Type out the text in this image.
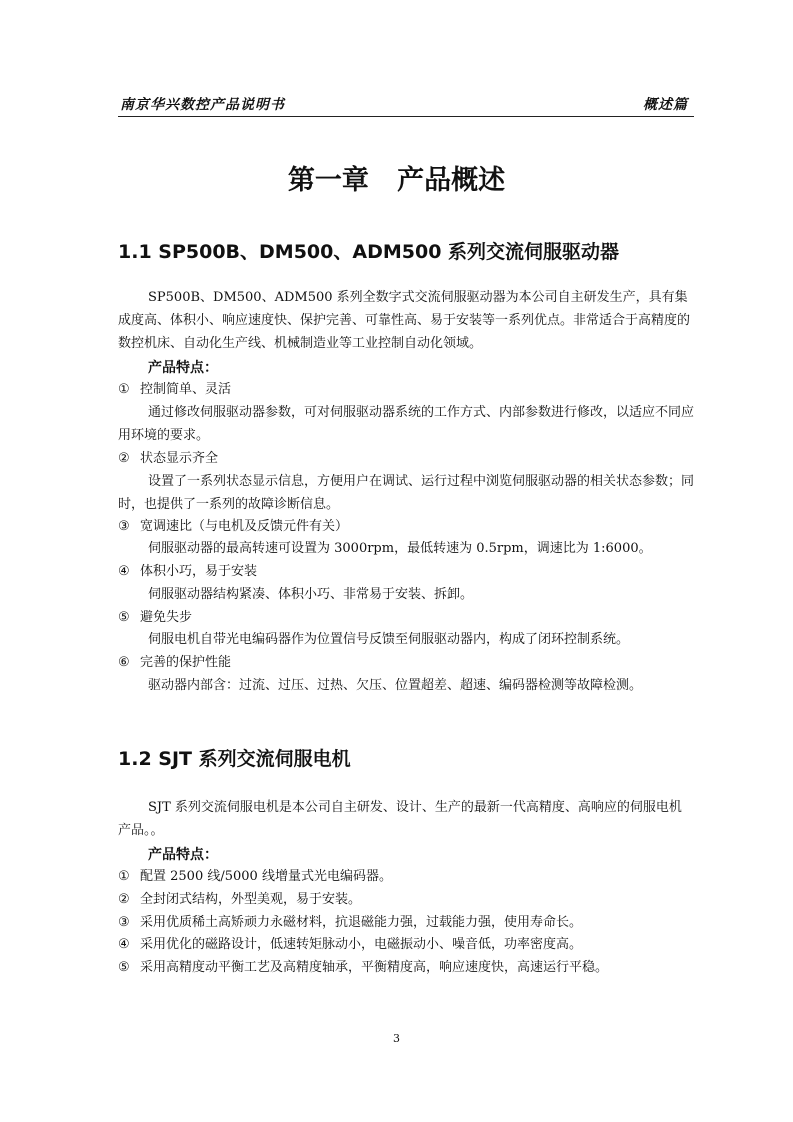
南京华兴数控产品说明书	概述篇
第一章   产品概述
1.1 SP500B、DM500、ADM500 系列交流伺服驱动器

SP500B、DM500、ADM500 系列全数字式交流伺服驱动器为本公司自主研发生产，具有集成度高、体积小、响应速度快、保护完善、可靠性高、易于安装等一系列优点。非常适合于高精度的数控机床、自动化生产线、机械制造业等工业控制自动化领域。

产品特点：
① 控制简单、灵活

通过修改伺服驱动器参数，可对伺服驱动器系统的工作方式、内部参数进行修改，以适应不同应用环境的要求。

② 状态显示齐全

设置了一系列状态显示信息，方便用户在调试、运行过程中浏览伺服驱动器的相关状态参数；同时，也提供了一系列的故障诊断信息。

③ 宽调速比（与电机及反馈元件有关）
伺服驱动器的最高转速可设置为 3000rpm，最低转速为 0.5rpm，调速比为 1:6000。
④ 体积小巧，易于安装
伺服驱动器结构紧凑、体积小巧、非常易于安装、拆卸。
⑤ 避免失步
伺服电机自带光电编码器作为位置信号反馈至伺服驱动器内，构成了闭环控制系统。
⑥ 完善的保护性能
驱动器内部含：过流、过压、过热、欠压、位置超差、超速、编码器检测等故障检测。
1.2 SJT 系列交流伺服电机

SJT 系列交流伺服电机是本公司自主研发、设计、生产的最新一代高精度、高响应的伺服电机产品。。

产品特点：
① 配置 2500 线/5000 线增量式光电编码器。
② 全封闭式结构，外型美观，易于安装。
③ 采用优质稀土高矫顽力永磁材料，抗退磁能力强，过载能力强，使用寿命长。
④ 采用优化的磁路设计，低速转矩脉动小，电磁振动小、噪音低，功率密度高。
⑤ 采用高精度动平衡工艺及高精度轴承，平衡精度高，响应速度快，高速运行平稳。
3
